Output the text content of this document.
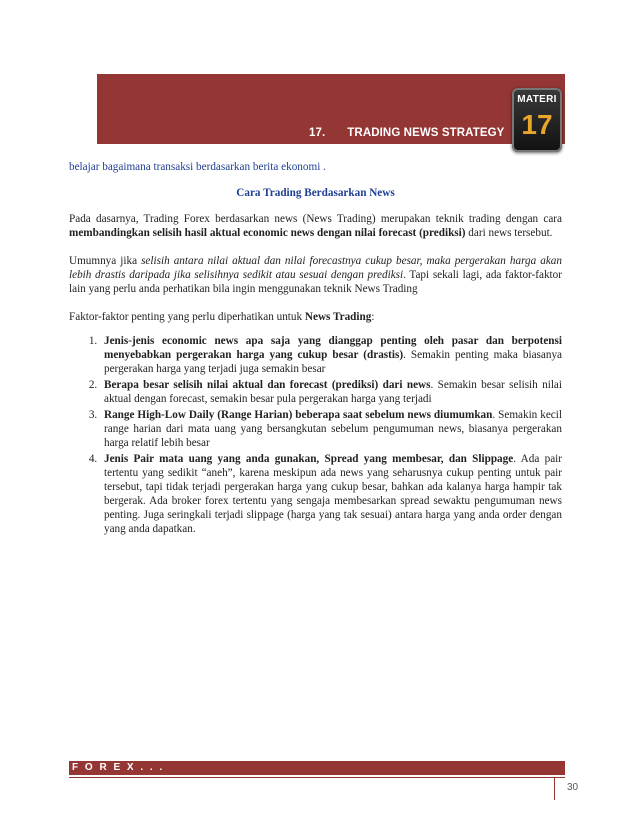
17. TRADING NEWS STRATEGY
MATERI
17

belajar bagaimana transaksi berdasarkan berita ekonomi .

Cara Trading Berdasarkan News

Pada dasarnya, Trading Forex berdasarkan news (News Trading) merupakan teknik trading dengan cara membandingkan selisih hasil aktual economic news dengan nilai forecast (prediksi) dari news tersebut.

Umumnya jika selisih antara nilai aktual dan nilai forecastnya cukup besar, maka pergerakan harga akan lebih drastis daripada jika selisihnya sedikit atau sesuai dengan prediksi. Tapi sekali lagi, ada faktor-faktor lain yang perlu anda perhatikan bila ingin menggunakan teknik News Trading

Faktor-faktor penting yang perlu diperhatikan untuk News Trading:

1. Jenis-jenis economic news apa saja yang dianggap penting oleh pasar dan berpotensi menyebabkan pergerakan harga yang cukup besar (drastis). Semakin penting maka biasanya pergerakan harga yang terjadi juga semakin besar
2. Berapa besar selisih nilai aktual dan forecast (prediksi) dari news. Semakin besar selisih nilai aktual dengan forecast, semakin besar pula pergerakan harga yang terjadi
3. Range High-Low Daily (Range Harian) beberapa saat sebelum news diumumkan. Semakin kecil range harian dari mata uang yang bersangkutan sebelum pengumuman news, biasanya pergerakan harga relatif lebih besar
4. Jenis Pair mata uang yang anda gunakan, Spread yang membesar, dan Slippage. Ada pair tertentu yang sedikit “aneh”, karena meskipun ada news yang seharusnya cukup penting untuk pair tersebut, tapi tidak terjadi pergerakan harga yang cukup besar, bahkan ada kalanya harga hampir tak bergerak. Ada broker forex tertentu yang sengaja membesarkan spread sewaktu pengumuman news penting. Juga seringkali terjadi slippage (harga yang tak sesuai) antara harga yang anda order dengan yang anda dapatkan.
F O R E X . . .
30
